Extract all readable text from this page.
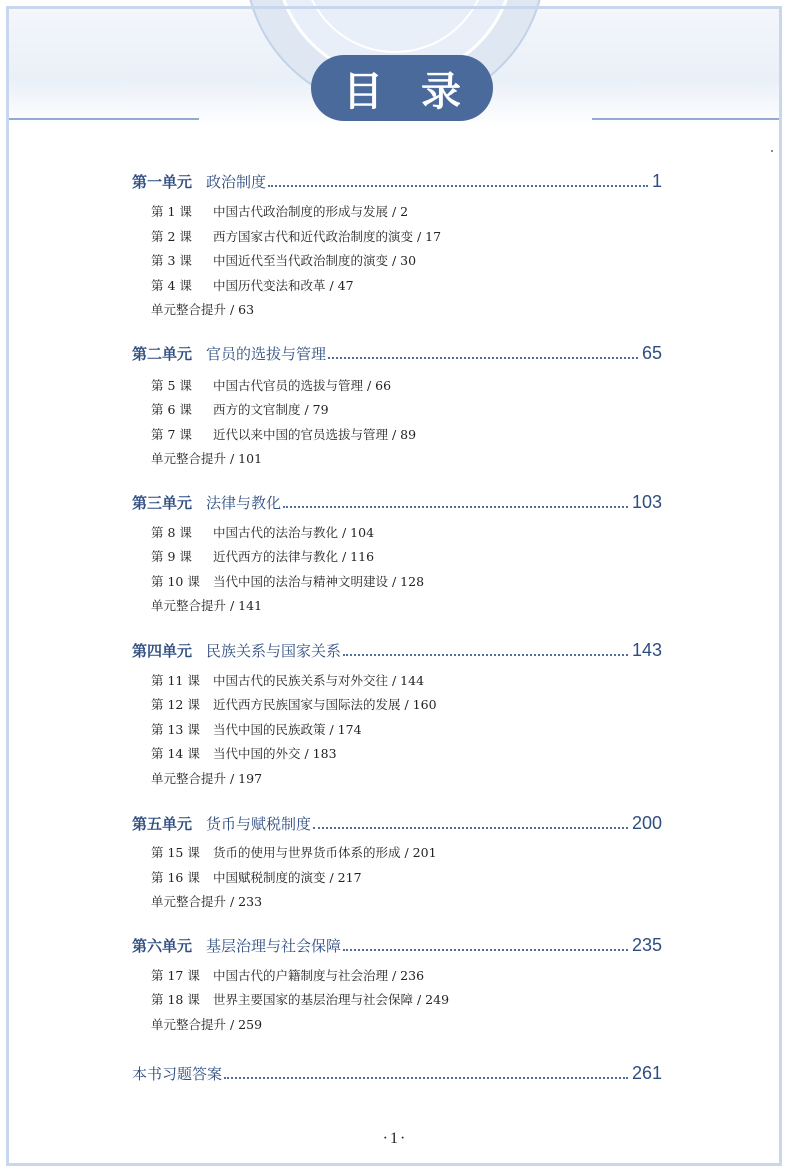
目 录
第一单元 政治制度	1
第 1 课	中国古代政治制度的形成与发展 / 2
第 2 课	西方国家古代和近代政治制度的演变 / 17
第 3 课	中国近代至当代政治制度的演变 / 30
第 4 课	中国历代变法和改革 / 47
单元整合提升 / 63
第二单元 官员的选拔与管理	65
第 5 课	中国古代官员的选拔与管理 / 66
第 6 课	西方的文官制度 / 79
第 7 课	近代以来中国的官员选拔与管理 / 89
单元整合提升 / 101
第三单元 法律与教化	103
第 8 课	中国古代的法治与教化 / 104
第 9 课	近代西方的法律与教化 / 116
第 10 课	当代中国的法治与精神文明建设 / 128
单元整合提升 / 141
第四单元 民族关系与国家关系	143
第 11 课	中国古代的民族关系与对外交往 / 144
第 12 课	近代西方民族国家与国际法的发展 / 160
第 13 课	当代中国的民族政策 / 174
第 14 课	当代中国的外交 / 183
单元整合提升 / 197
第五单元 货币与赋税制度	200
第 15 课	货币的使用与世界货币体系的形成 / 201
第 16 课	中国赋税制度的演变 / 217
单元整合提升 / 233
第六单元 基层治理与社会保障	235
第 17 课	中国古代的户籍制度与社会治理 / 236
第 18 课	世界主要国家的基层治理与社会保障 / 249
单元整合提升 / 259
本书习题答案	261
·1·
